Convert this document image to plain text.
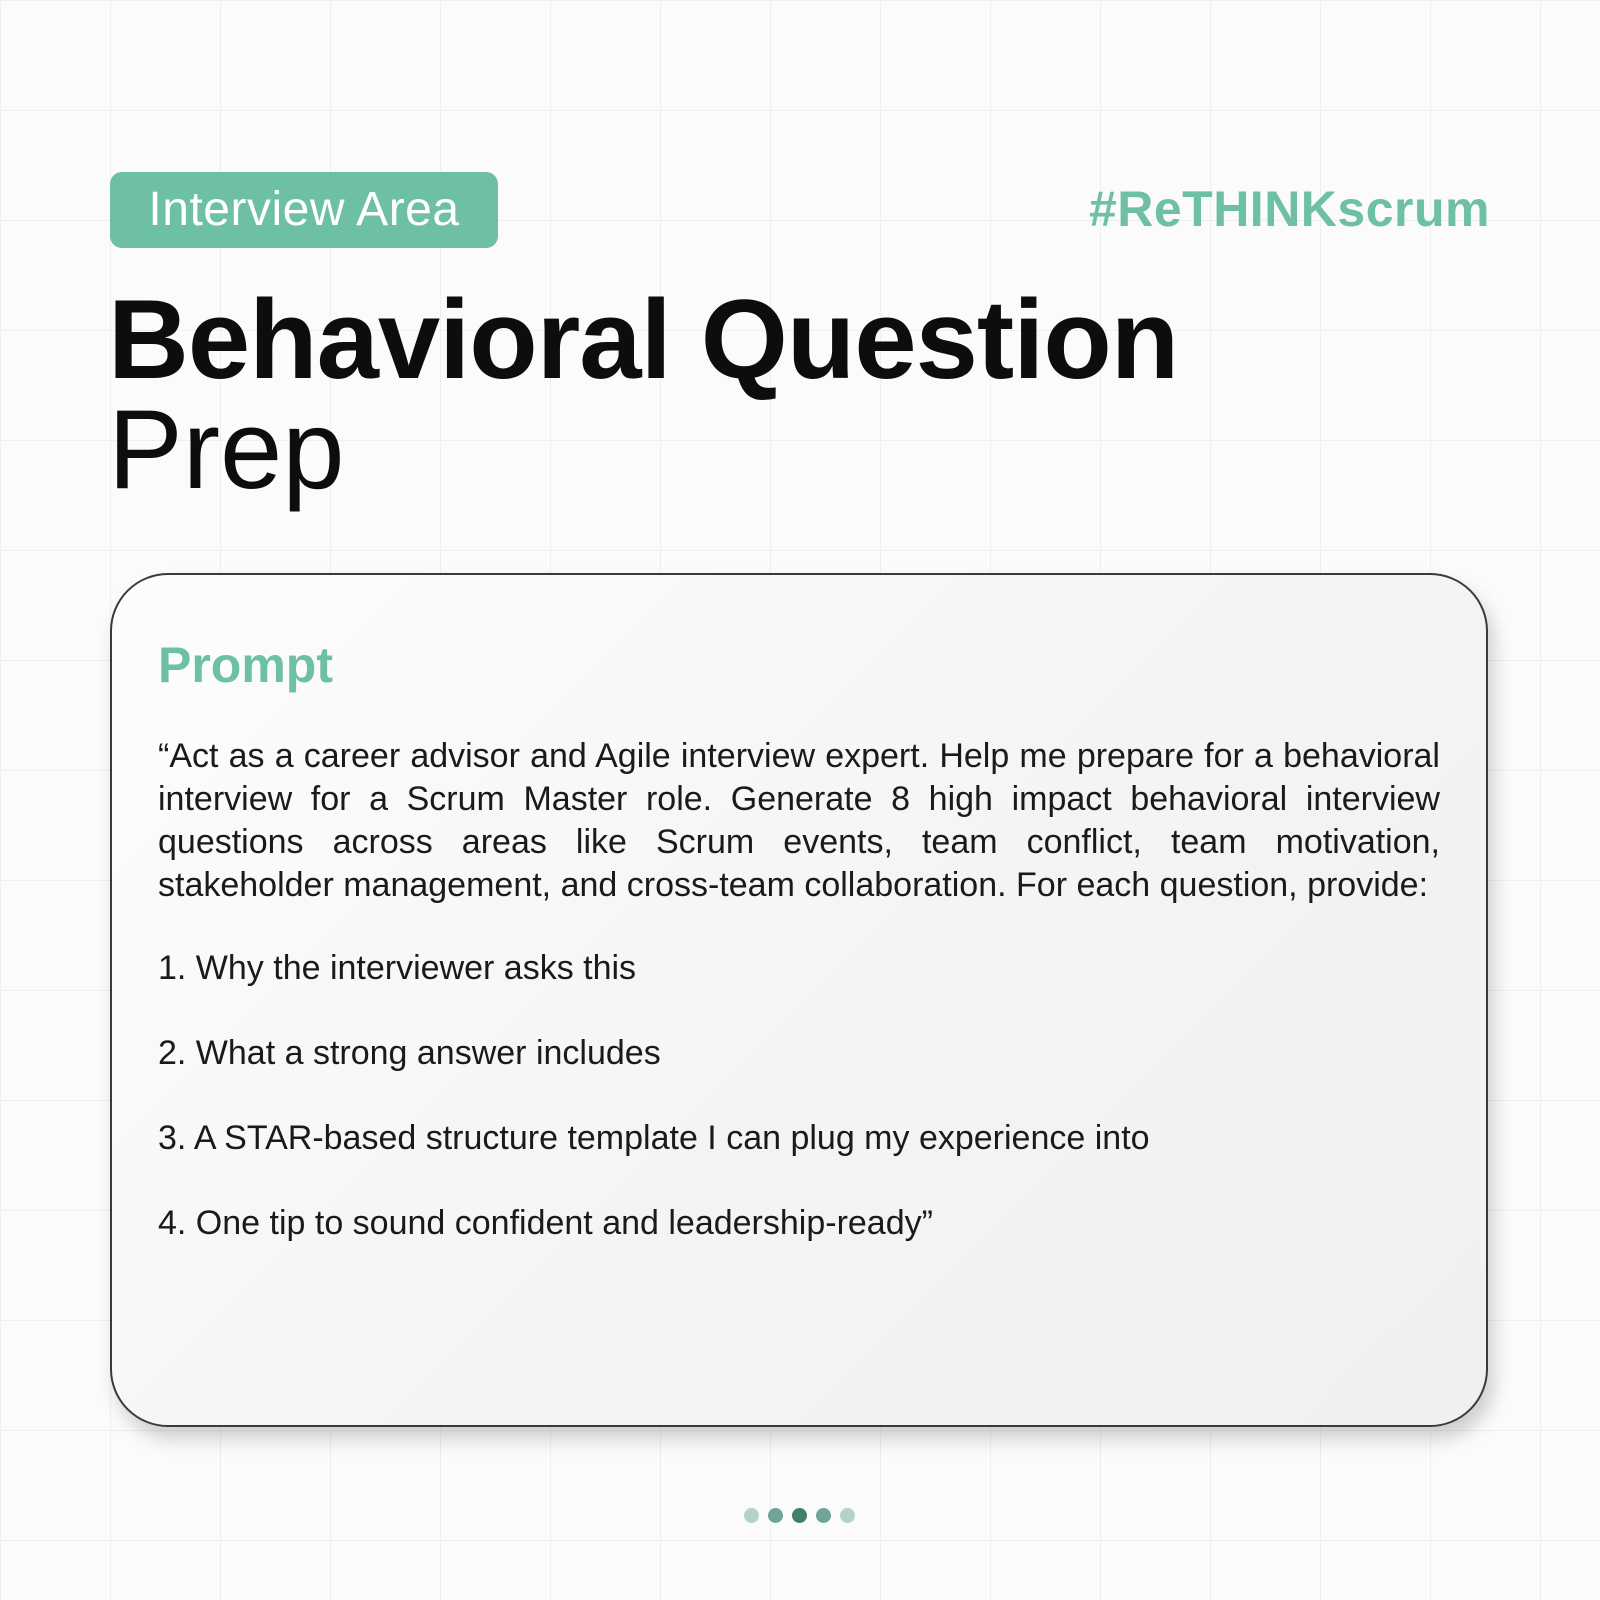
Interview Area	#ReTHINKscrum
Behavioral Question
Prep
Prompt

“Act as a career advisor and Agile interview expert. Help me prepare for a behavioral interview for a Scrum Master role. Generate 8 high impact behavioral interview questions across areas like Scrum events, team conflict, team motivation, stakeholder management, and cross-team collaboration. For each question, provide:

1. Why the interviewer asks this
2. What a strong answer includes
3. A STAR-based structure template I can plug my experience into
4. One tip to sound confident and leadership-ready”
